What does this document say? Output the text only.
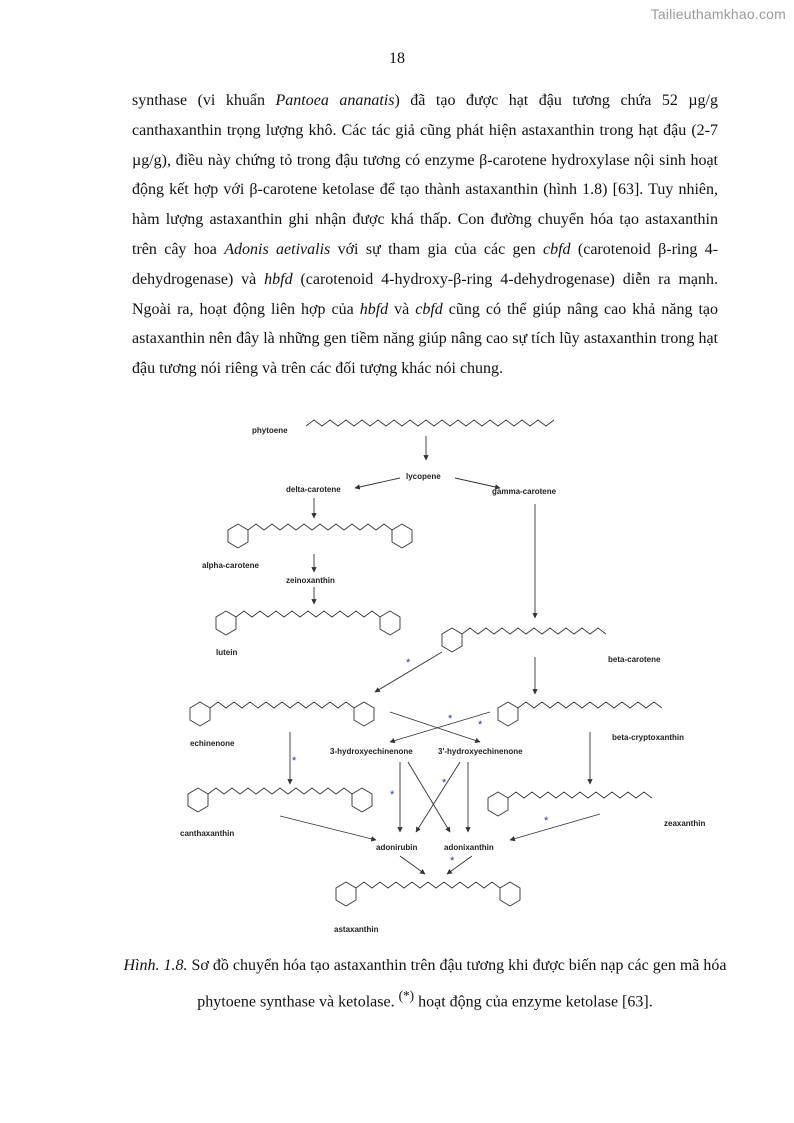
Tailieuthamkhao.com
18

synthase (vi khuẩn Pantoea ananatis) đã tạo được hạt đậu tương chứa 52 µg/g canthaxanthin trọng lượng khô. Các tác giả cũng phát hiện astaxanthin trong hạt đậu (2-7 µg/g), điều này chứng tỏ trong đậu tương có enzyme β-carotene hydroxylase nội sinh hoạt động kết hợp với β-carotene ketolase để tạo thành astaxanthin (hình 1.8) [63]. Tuy nhiên, hàm lượng astaxanthin ghi nhận được khá thấp. Con đường chuyển hóa tạo astaxanthin trên cây hoa Adonis aetivalis với sự tham gia của các gen cbfd (carotenoid β-ring 4-dehydrogenase) và hbfd (carotenoid 4-hydroxy-β-ring 4-dehydrogenase) diễn ra mạnh. Ngoài ra, hoạt động liên hợp của hbfd và cbfd cũng có thể giúp nâng cao khả năng tạo astaxanthin nên đây là những gen tiềm năng giúp nâng cao sự tích lũy astaxanthin trong hạt đậu tương nói riêng và trên các đối tượng khác nói chung.

phytoene
lycopene
delta-carotene	gamma-carotene
alpha-carotene
zeinoxanthin
lutein
beta-carotene
*
echinenone
beta-cryptoxanthin
* *
3-hydroxyechinenone	3'-hydroxyechinenone
*
canthaxanthin
zeaxanthin
*
*
*
adonirubin	adonixanthin
*
astaxanthin
Hình. 1.8. Sơ đồ chuyển hóa tạo astaxanthin trên đậu tương khi được biến nạp các gen mã hóa phytoene synthase và ketolase. (*) hoạt động của enzyme ketolase [63].
